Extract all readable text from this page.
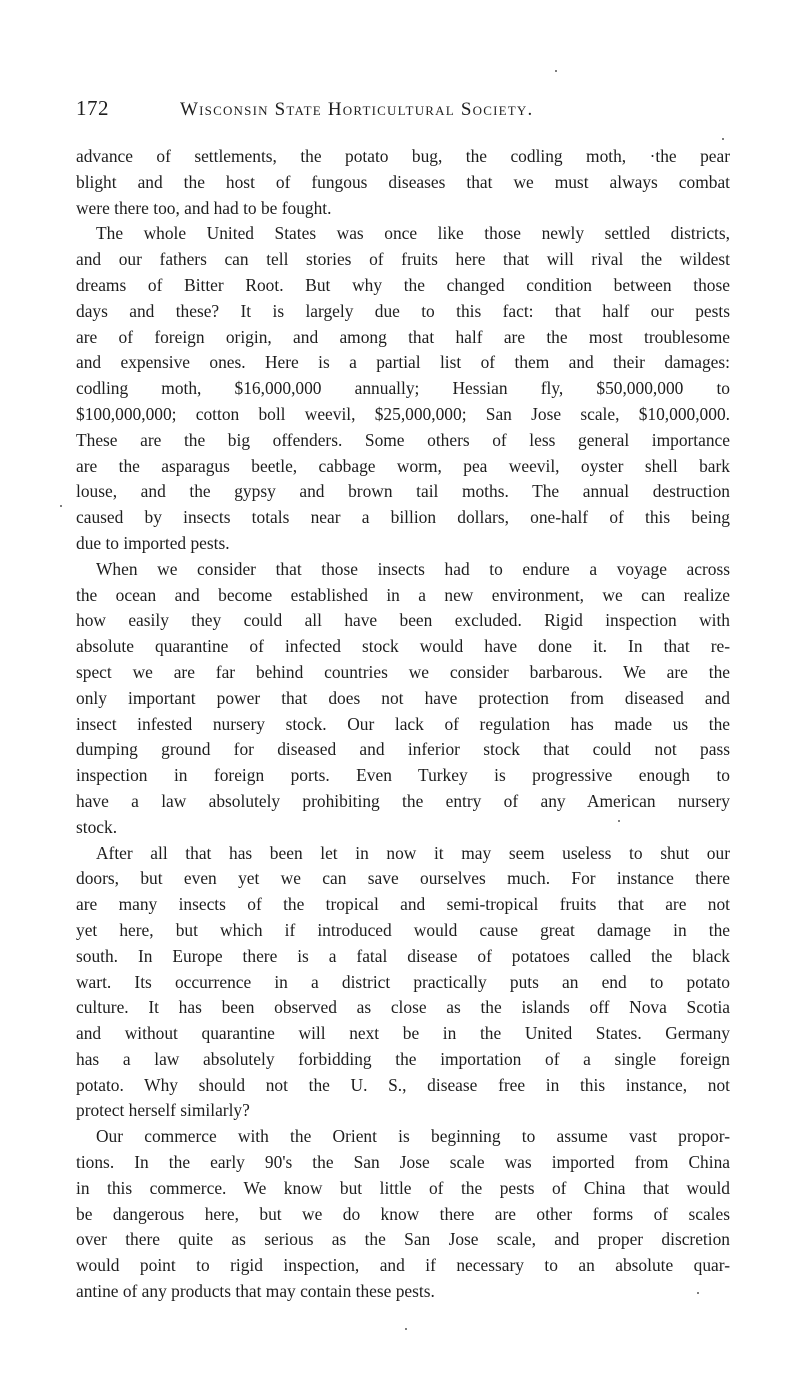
172	Wisconsin State Horticultural Society.
advance of settlements, the potato bug, the codling moth, ·the pear
blight and the host of fungous diseases that we must always combat
were there too, and had to be fought.
The whole United States was once like those newly settled districts,
and our fathers can tell stories of fruits here that will rival the wildest
dreams of Bitter Root. But why the changed condition between those
days and these? It is largely due to this fact: that half our pests
are of foreign origin, and among that half are the most troublesome
and expensive ones. Here is a partial list of them and their damages:
codling moth, $16,000,000 annually; Hessian fly, $50,000,000 to
$100,000,000; cotton boll weevil, $25,000,000; San Jose scale, $10,000,000.
These are the big offenders. Some others of less general importance
are the asparagus beetle, cabbage worm, pea weevil, oyster shell bark
louse, and the gypsy and brown tail moths. The annual destruction
caused by insects totals near a billion dollars, one-half of this being
due to imported pests.
When we consider that those insects had to endure a voyage across
the ocean and become established in a new environment, we can realize
how easily they could all have been excluded. Rigid inspection with
absolute quarantine of infected stock would have done it. In that re-
spect we are far behind countries we consider barbarous. We are the
only important power that does not have protection from diseased and
insect infested nursery stock. Our lack of regulation has made us the
dumping ground for diseased and inferior stock that could not pass
inspection in foreign ports. Even Turkey is progressive enough to
have a law absolutely prohibiting the entry of any American nursery
stock.
After all that has been let in now it may seem useless to shut our
doors, but even yet we can save ourselves much. For instance there
are many insects of the tropical and semi-tropical fruits that are not
yet here, but which if introduced would cause great damage in the
south. In Europe there is a fatal disease of potatoes called the black
wart. Its occurrence in a district practically puts an end to potato
culture. It has been observed as close as the islands off Nova Scotia
and without quarantine will next be in the United States. Germany
has a law absolutely forbidding the importation of a single foreign
potato. Why should not the U. S., disease free in this instance, not
protect herself similarly?
Our commerce with the Orient is beginning to assume vast propor-
tions. In the early 90's the San Jose scale was imported from China
in this commerce. We know but little of the pests of China that would
be dangerous here, but we do know there are other forms of scales
over there quite as serious as the San Jose scale, and proper discretion
would point to rigid inspection, and if necessary to an absolute quar-
antine of any products that may contain these pests.
